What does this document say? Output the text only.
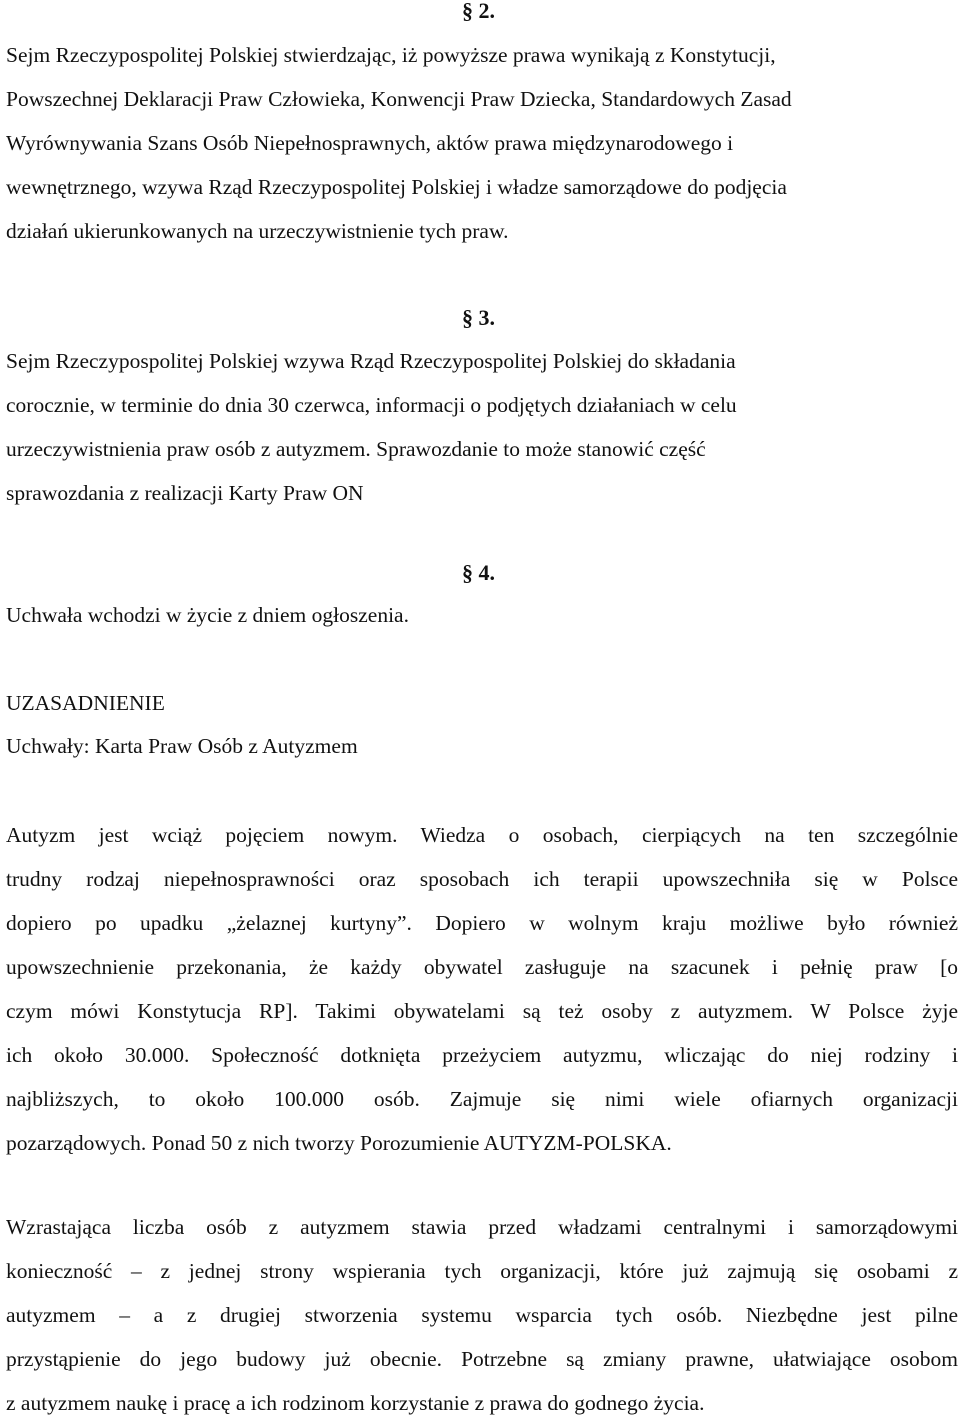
§ 2.
Sejm Rzeczypospolitej Polskiej stwierdzając, iż powyższe prawa wynikają z Konstytucji,
Powszechnej Deklaracji Praw Człowieka, Konwencji Praw Dziecka, Standardowych Zasad
Wyrównywania Szans Osób Niepełnosprawnych, aktów prawa międzynarodowego i
wewnętrznego, wzywa Rząd Rzeczypospolitej Polskiej i władze samorządowe do podjęcia
działań ukierunkowanych na urzeczywistnienie tych praw.
§ 3.
Sejm Rzeczypospolitej Polskiej wzywa Rząd Rzeczypospolitej Polskiej do składania
corocznie, w terminie do dnia 30 czerwca, informacji o podjętych działaniach w celu
urzeczywistnienia praw osób z autyzmem. Sprawozdanie to może stanowić część
sprawozdania z realizacji Karty Praw ON
§ 4.
Uchwała wchodzi w życie z dniem ogłoszenia.
UZASADNIENIE
Uchwały: Karta Praw Osób z Autyzmem
Autyzm jest wciąż pojęciem nowym. Wiedza o osobach, cierpiących na ten szczególnie
trudny rodzaj niepełnosprawności oraz sposobach ich terapii upowszechniła się w Polsce
dopiero po upadku „żelaznej kurtyny”. Dopiero w wolnym kraju możliwe było również
upowszechnienie przekonania, że każdy obywatel zasługuje na szacunek i pełnię praw [o
czym mówi Konstytucja RP]. Takimi obywatelami są też osoby z autyzmem. W Polsce żyje
ich około 30.000. Społeczność dotknięta przeżyciem autyzmu, wliczając do niej rodziny i
najbliższych, to około 100.000 osób. Zajmuje się nimi wiele ofiarnych organizacji
pozarządowych. Ponad 50 z nich tworzy Porozumienie AUTYZM-POLSKA.
Wzrastająca liczba osób z autyzmem stawia przed władzami centralnymi i samorządowymi
konieczność – z jednej strony wspierania tych organizacji, które już zajmują się osobami z
autyzmem – a z drugiej stworzenia systemu wsparcia tych osób. Niezbędne jest pilne
przystąpienie do jego budowy już obecnie. Potrzebne są zmiany prawne, ułatwiające osobom
z autyzmem naukę i pracę a ich rodzinom korzystanie z prawa do godnego życia.
